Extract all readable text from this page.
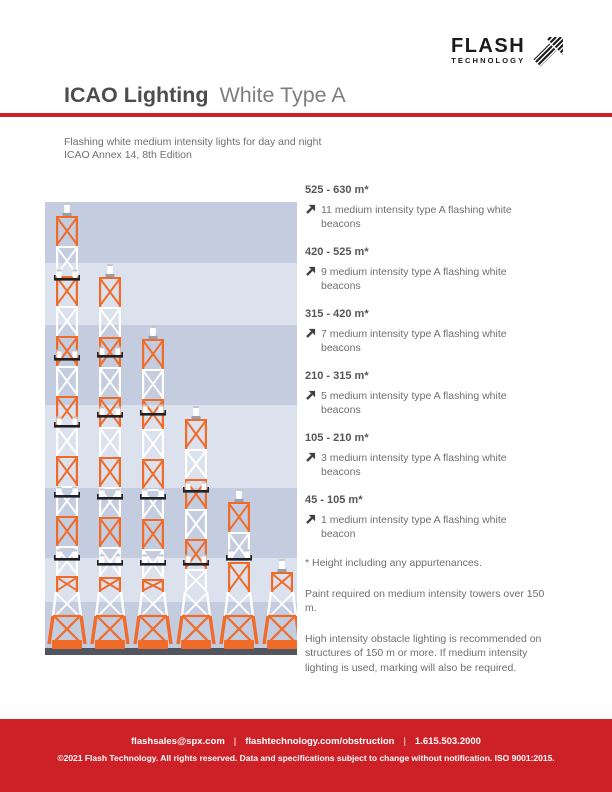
FLASH
TECHNOLOGY
ICAO Lighting White Type A
Flashing white medium intensity lights for day and night
ICAO Annex 14, 8th Edition
525 - 630 m*
11 medium intensity type A flashing white beacons
420 - 525 m*
9 medium intensity type A flashing white beacons
315 - 420 m*
7 medium intensity type A flashing white beacons
210 - 315 m*
5 medium intensity type A flashing white beacons
105 - 210 m*
3 medium intensity type A flashing white beacons
45 - 105 m*
1 medium intensity type A flashing white beacon
* Height including any appurtenances.
Paint required on medium intensity towers over 150 m.
High intensity obstacle lighting is recommended on structures of 150 m or more. If medium intensity lighting is used, marking will also be required.
flashsales@spx.com | flashtechnology.com/obstruction | 1.615.503.2000
©2021 Flash Technology. All rights reserved. Data and specifications subject to change without notification. ISO 9001:2015.
